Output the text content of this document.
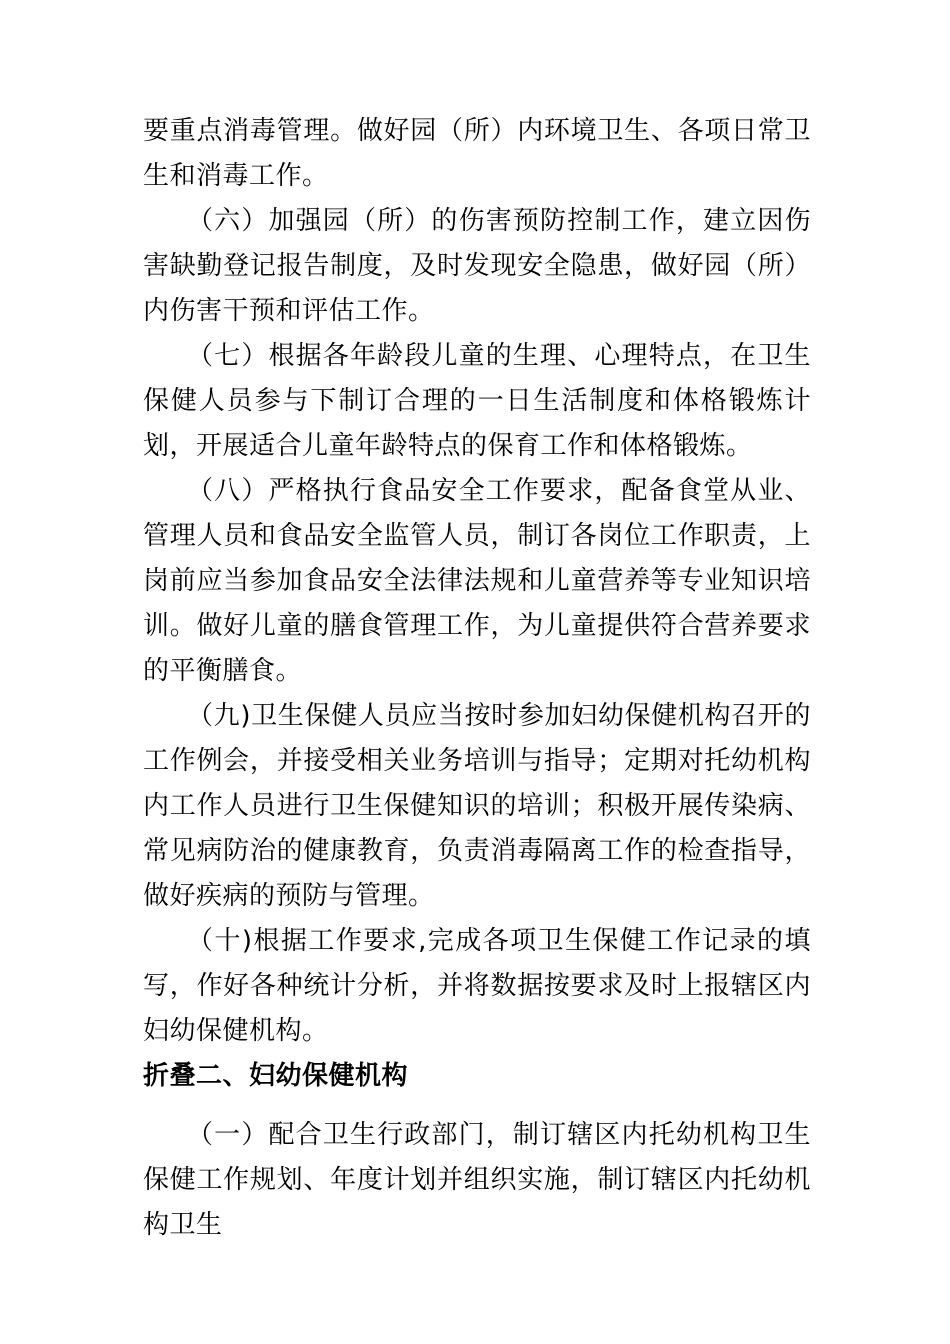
要重点消毒管理。做好园（所）内环境卫生、各项日常卫生和消毒工作。

（六）加强园（所）的伤害预防控制工作，建立因伤害缺勤登记报告制度，及时发现安全隐患，做好园（所）内伤害干预和评估工作。

（七）根据各年龄段儿童的生理、心理特点，在卫生保健人员参与下制订合理的一日生活制度和体格锻炼计划，开展适合儿童年龄特点的保育工作和体格锻炼。

（八）严格执行食品安全工作要求，配备食堂从业、管理人员和食品安全监管人员，制订各岗位工作职责，上岗前应当参加食品安全法律法规和儿童营养等专业知识培训。做好儿童的膳食管理工作，为儿童提供符合营养要求的平衡膳食。

（九)卫生保健人员应当按时参加妇幼保健机构召开的工作例会，并接受相关业务培训与指导；定期对托幼机构内工作人员进行卫生保健知识的培训；积极开展传染病、常见病防治的健康教育，负责消毒隔离工作的检查指导，做好疾病的预防与管理。

（十)根据工作要求,完成各项卫生保健工作记录的填写，作好各种统计分析，并将数据按要求及时上报辖区内妇幼保健机构。

折叠二、妇幼保健机构

（一）配合卫生行政部门，制订辖区内托幼机构卫生保健工作规划、年度计划并组织实施，制订辖区内托幼机构卫生
